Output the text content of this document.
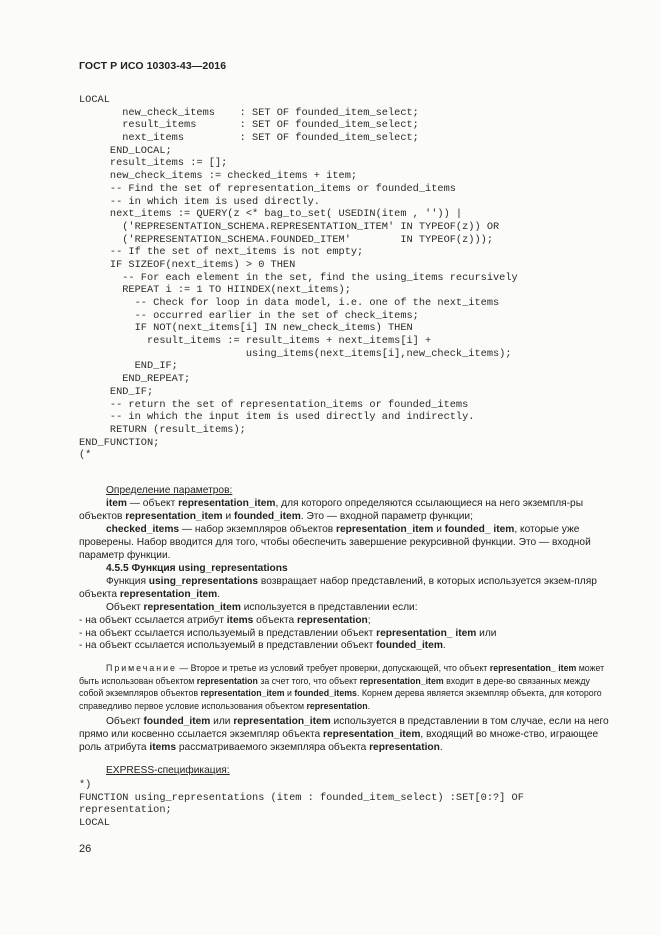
ГОСТ Р ИСО 10303-43—2016
LOCAL
new_check_items    : SET OF founded_item_select;
result_items       : SET OF founded_item_select;
next_items         : SET OF founded_item_select;
END_LOCAL;
result_items := [];
new_check_items := checked_items + item;
-- Find the set of representation_items or founded_items
-- in which item is used directly.
next_items := QUERY(z <* bag_to_set( USEDIN(item , '')) |
('REPRESENTATION_SCHEMA.REPRESENTATION_ITEM' IN TYPEOF(z)) OR
('REPRESENTATION_SCHEMA.FOUNDED_ITEM'        IN TYPEOF(z)));
-- If the set of next_items is not empty;
IF SIZEOF(next_items) > 0 THEN
-- For each element in the set, find the using_items recursively
REPEAT i := 1 TO HIINDEX(next_items);
-- Check for loop in data model, i.e. one of the next_items
-- occurred earlier in the set of check_items;
IF NOT(next_items[i] IN new_check_items) THEN
result_items := result_items + next_items[i] +
using_items(next_items[i],new_check_items);
END_IF;
END_REPEAT;
END_IF;
-- return the set of representation_items or founded_items
-- in which the input item is used directly and indirectly.
RETURN (result_items);
END_FUNCTION;
(*

Определение параметров:

item — объект representation_item, для которого определяются ссылающиеся на него экземпля-ры объектов representation_item и founded_item. Это — входной параметр функции;

checked_items — набор экземпляров объектов representation_item и founded_ item, которые уже проверены. Набор вводится для того, чтобы обеспечить завершение рекурсивной функции. Это — входной параметр функции.

4.5.5 Функция using_representations

Функция using_representations возвращает набор представлений, в которых используется экзем-пляр объекта representation_item.

Объект representation_item используется в представлении если:

- на объект ссылается атрибут items объекта representation;

- на объект ссылается используемый в представлении объект representation_ item или

- на объект ссылается используемый в представлении объект founded_item.

Примечание — Второе и третье из условий требует проверки, допускающей, что объект representation_ item может быть использован объектом representation за счет того, что объект representation_item входит в дере-во связанных между собой экземпляров объектов representation_item и founded_items. Корнем дерева является экземпляр объекта, для которого справедливо первое условие использования объектом representation.

Объект founded_item или representation_item используется в представлении в том случае, если на него прямо или косвенно ссылается экземпляр объекта representation_item, входящий во множе-ство, играющее роль атрибута items рассматриваемого экземпляра объекта representation.

EXPRESS-спецификация:

*)
FUNCTION using_representations (item : founded_item_select) :SET[0:?] OF
representation;
LOCAL
26
